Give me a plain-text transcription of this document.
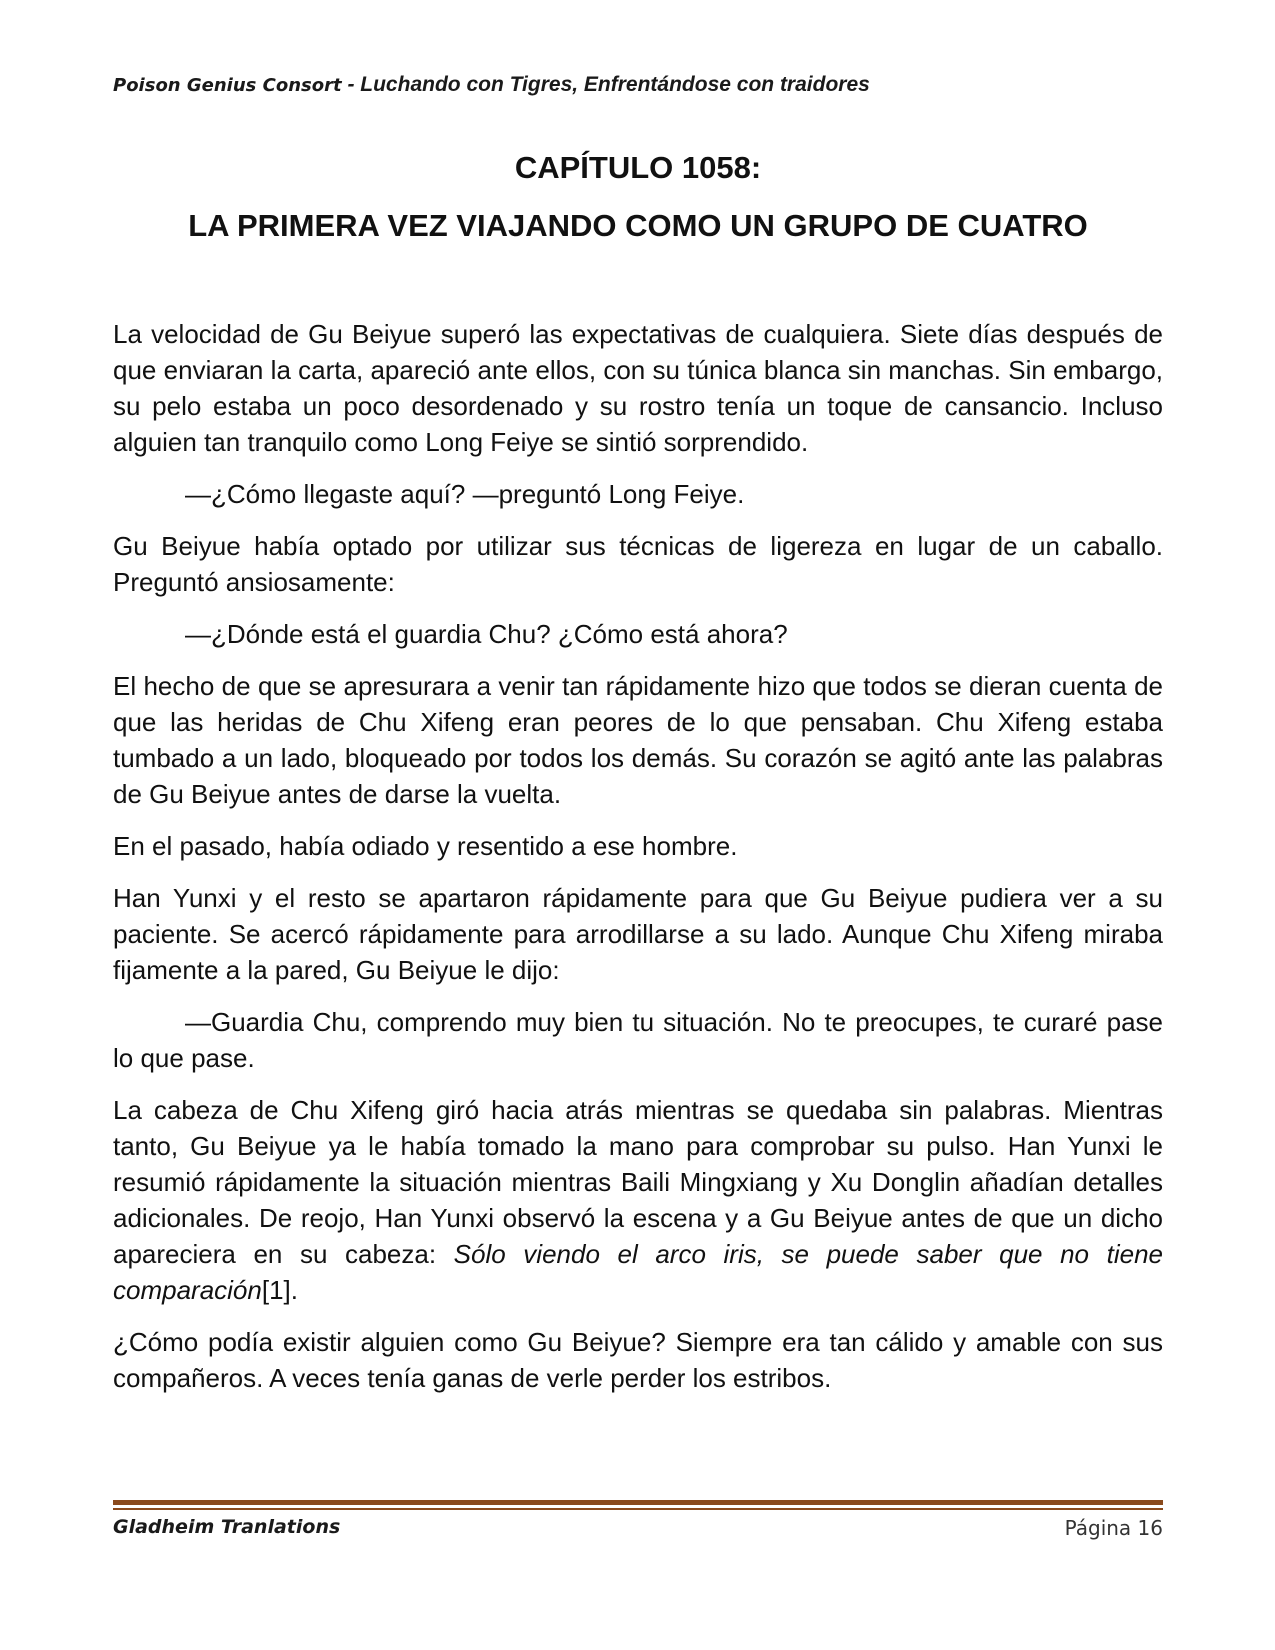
Poison Genius Consort - Luchando con Tigres, Enfrentándose con traidores
CAPÍTULO 1058:
LA PRIMERA VEZ VIAJANDO COMO UN GRUPO DE CUATRO

La velocidad de Gu Beiyue superó las expectativas de cualquiera. Siete días después de que enviaran la carta, apareció ante ellos, con su túnica blanca sin manchas. Sin embargo, su pelo estaba un poco desordenado y su rostro tenía un toque de cansancio. Incluso alguien tan tranquilo como Long Feiye se sintió sorprendido.

—¿Cómo llegaste aquí? —preguntó Long Feiye.

Gu Beiyue había optado por utilizar sus técnicas de ligereza en lugar de un caballo. Preguntó ansiosamente:

—¿Dónde está el guardia Chu? ¿Cómo está ahora?

El hecho de que se apresurara a venir tan rápidamente hizo que todos se dieran cuenta de que las heridas de Chu Xifeng eran peores de lo que pensaban. Chu Xifeng estaba tumbado a un lado, bloqueado por todos los demás. Su corazón se agitó ante las palabras de Gu Beiyue antes de darse la vuelta.

En el pasado, había odiado y resentido a ese hombre.

Han Yunxi y el resto se apartaron rápidamente para que Gu Beiyue pudiera ver a su paciente. Se acercó rápidamente para arrodillarse a su lado. Aunque Chu Xifeng miraba fijamente a la pared, Gu Beiyue le dijo:

—Guardia Chu, comprendo muy bien tu situación. No te preocupes, te curaré pase lo que pase.

La cabeza de Chu Xifeng giró hacia atrás mientras se quedaba sin palabras. Mientras tanto, Gu Beiyue ya le había tomado la mano para comprobar su pulso. Han Yunxi le resumió rápidamente la situación mientras Baili Mingxiang y Xu Donglin añadían detalles adicionales. De reojo, Han Yunxi observó la escena y a Gu Beiyue antes de que un dicho apareciera en su cabeza: Sólo viendo el arco iris, se puede saber que no tiene comparación[1].

¿Cómo podía existir alguien como Gu Beiyue? Siempre era tan cálido y amable con sus compañeros. A veces tenía ganas de verle perder los estribos.

Gladheim Tranlations	Página 16
